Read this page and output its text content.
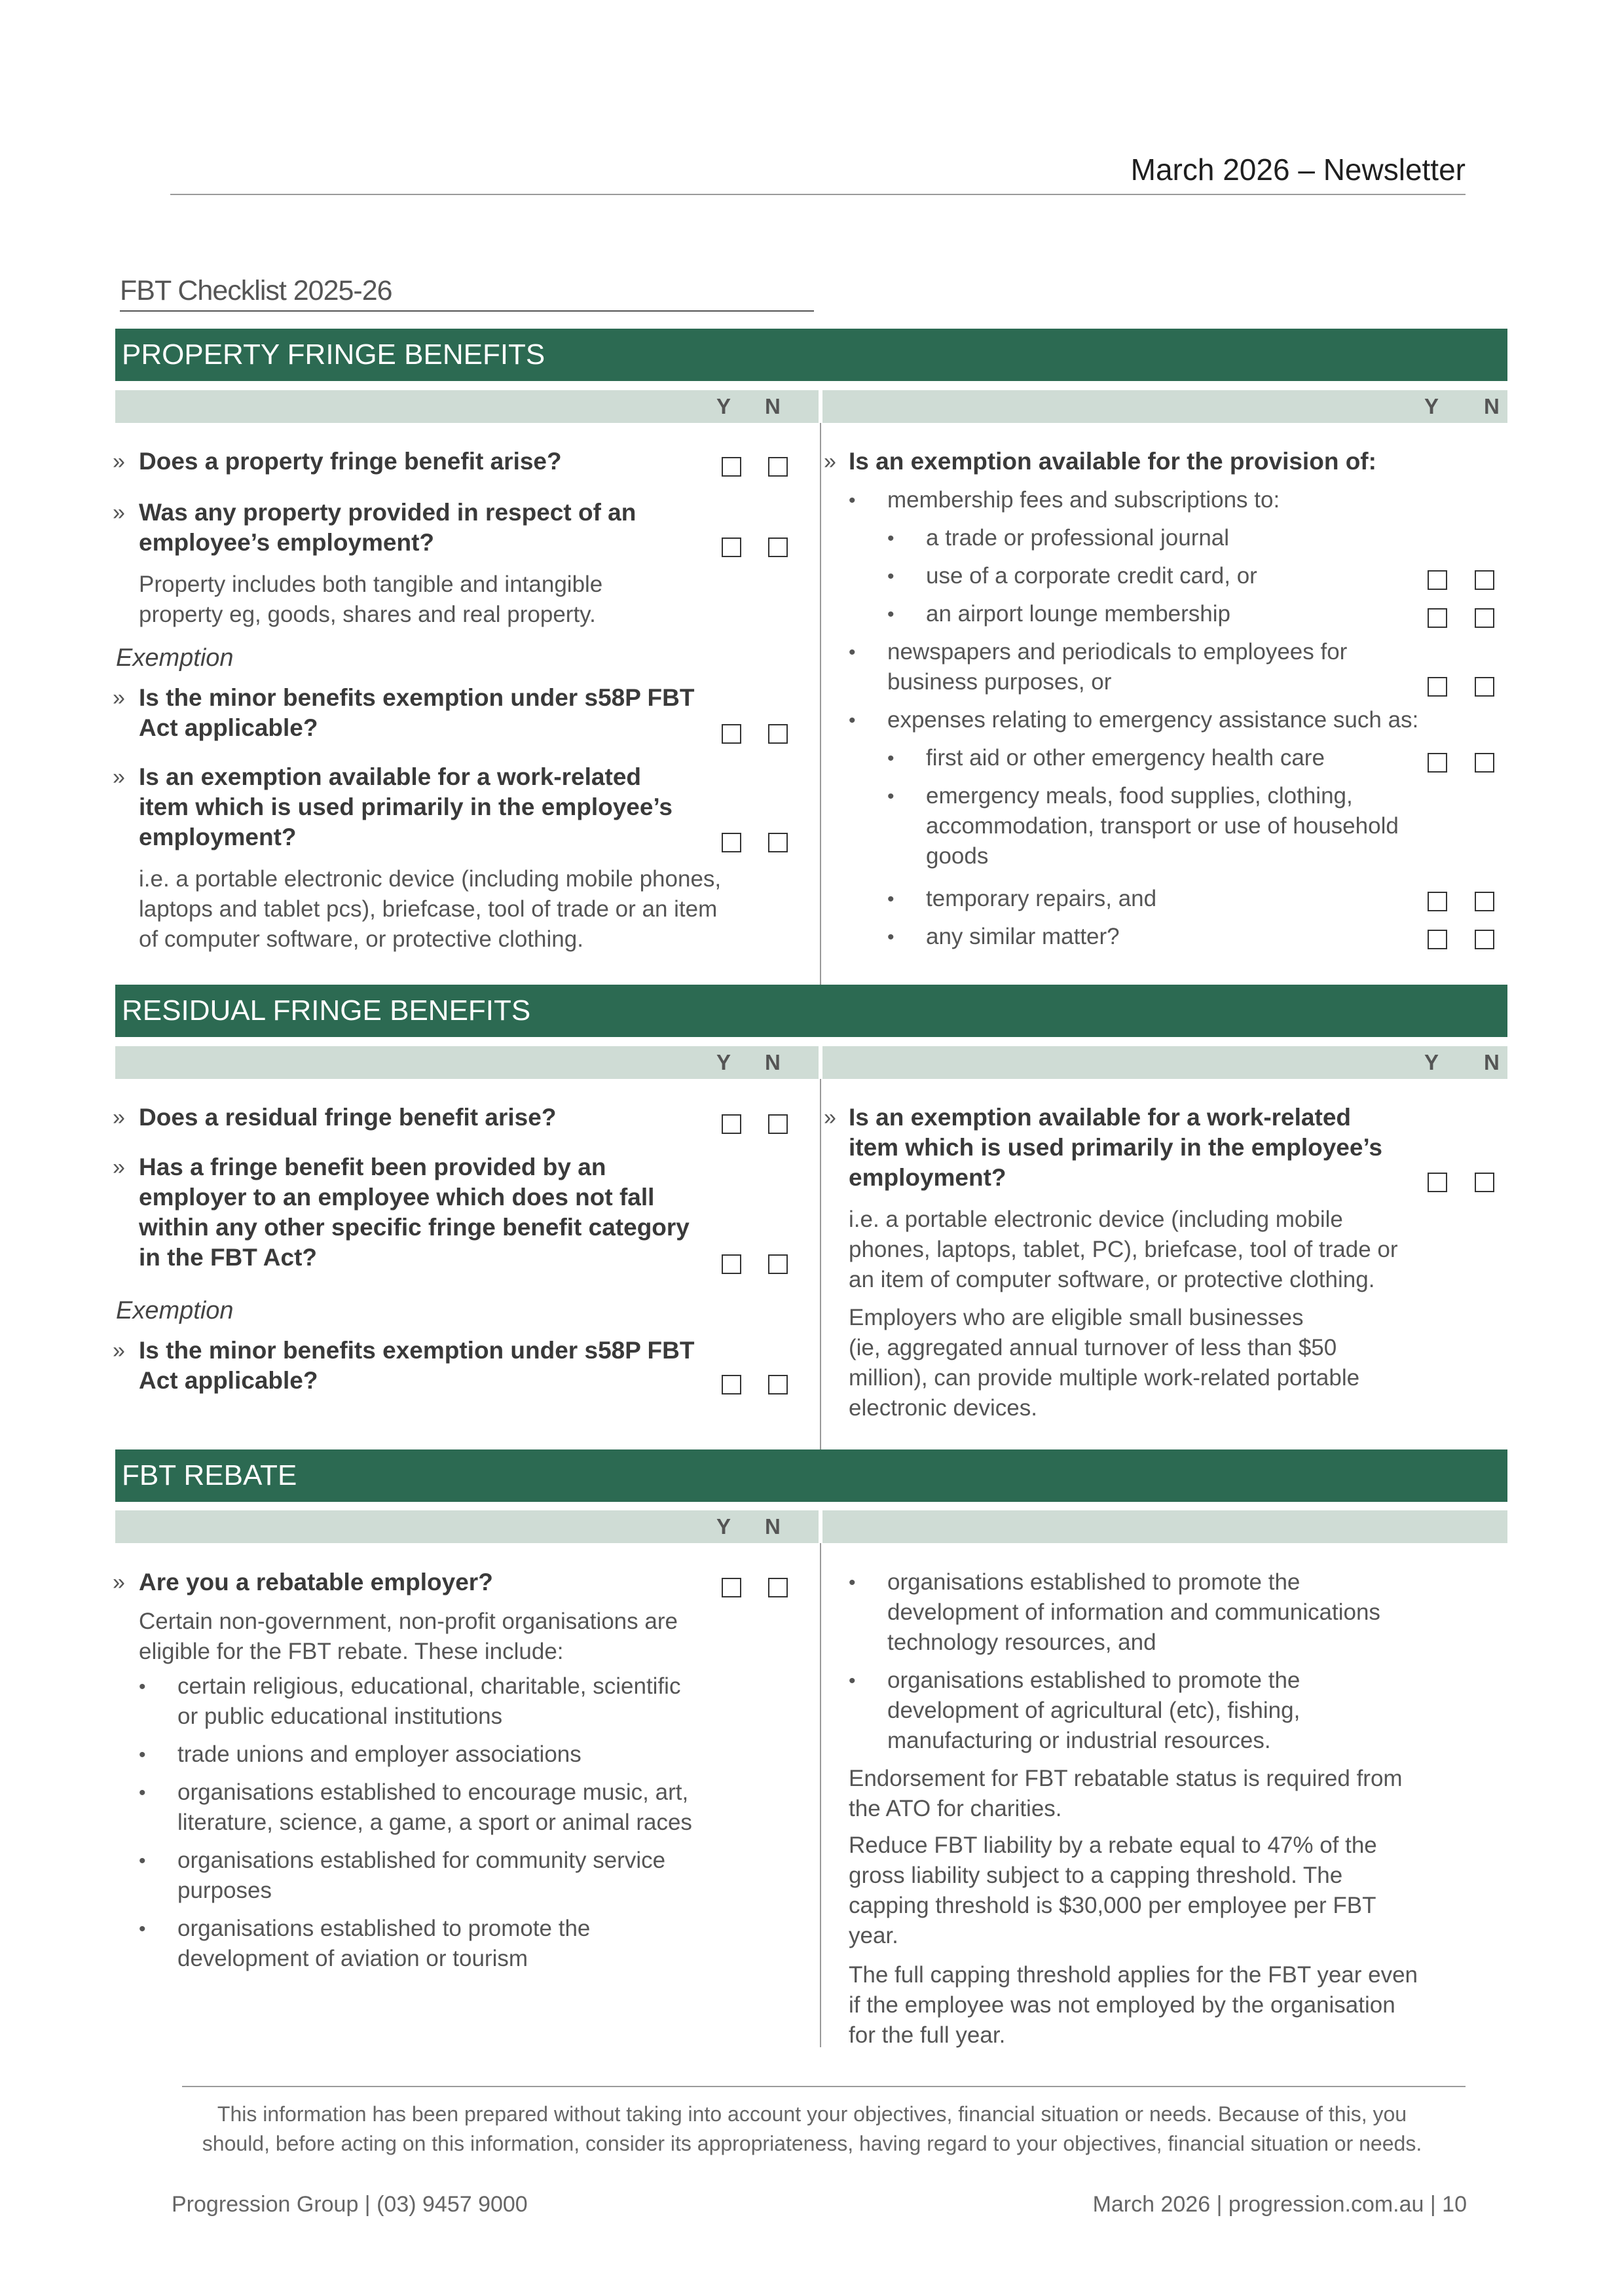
March 2026 – Newsletter
FBT Checklist 2025-26
PROPERTY FRINGE BENEFITS
Y N	Y N
» Does a property fringe benefit arise?
» Was any property provided in respect of an
employee’s employment?
Property includes both tangible and intangible
property eg, goods, shares and real property.
Exemption
» Is the minor benefits exemption under s58P FBT
Act applicable?
» Is an exemption available for a work-related
item which is used primarily in the employee’s
employment?
i.e. a portable electronic device (including mobile phones,
laptops and tablet pcs), briefcase, tool of trade or an item
of computer software, or protective clothing.
» Is an exemption available for the provision of:
• membership fees and subscriptions to:
• a trade or professional journal
• use of a corporate credit card, or
• an airport lounge membership
• newspapers and periodicals to employees for
business purposes, or
• expenses relating to emergency assistance such as:
• first aid or other emergency health care
• emergency meals, food supplies, clothing,
accommodation, transport or use of household
goods
• temporary repairs, and
• any similar matter?
RESIDUAL FRINGE BENEFITS
Y N	Y N
» Does a residual fringe benefit arise?
» Has a fringe benefit been provided by an
employer to an employee which does not fall
within any other specific fringe benefit category
in the FBT Act?
Exemption
» Is the minor benefits exemption under s58P FBT
Act applicable?
» Is an exemption available for a work-related
item which is used primarily in the employee’s
employment?
i.e. a portable electronic device (including mobile
phones, laptops, tablet, PC), briefcase, tool of trade or
an item of computer software, or protective clothing.
Employers who are eligible small businesses
(ie, aggregated annual turnover of less than $50
million), can provide multiple work-related portable
electronic devices.
FBT REBATE
Y N
» Are you a rebatable employer?
Certain non-government, non-profit organisations are
eligible for the FBT rebate. These include:
• certain religious, educational, charitable, scientific
or public educational institutions
• trade unions and employer associations
• organisations established to encourage music, art,
literature, science, a game, a sport or animal races
• organisations established for community service
purposes
• organisations established to promote the
development of aviation or tourism
• organisations established to promote the
development of information and communications
technology resources, and
• organisations established to promote the
development of agricultural (etc), fishing,
manufacturing or industrial resources.
Endorsement for FBT rebatable status is required from
the ATO for charities.
Reduce FBT liability by a rebate equal to 47% of the
gross liability subject to a capping threshold. The
capping threshold is $30,000 per employee per FBT
year.
The full capping threshold applies for the FBT year even
if the employee was not employed by the organisation
for the full year.
This information has been prepared without taking into account your objectives, financial situation or needs. Because of this, you
should, before acting on this information, consider its appropriateness, having regard to your objectives, financial situation or needs.
Progression Group | (03) 9457 9000	March 2026 | progression.com.au | 10
